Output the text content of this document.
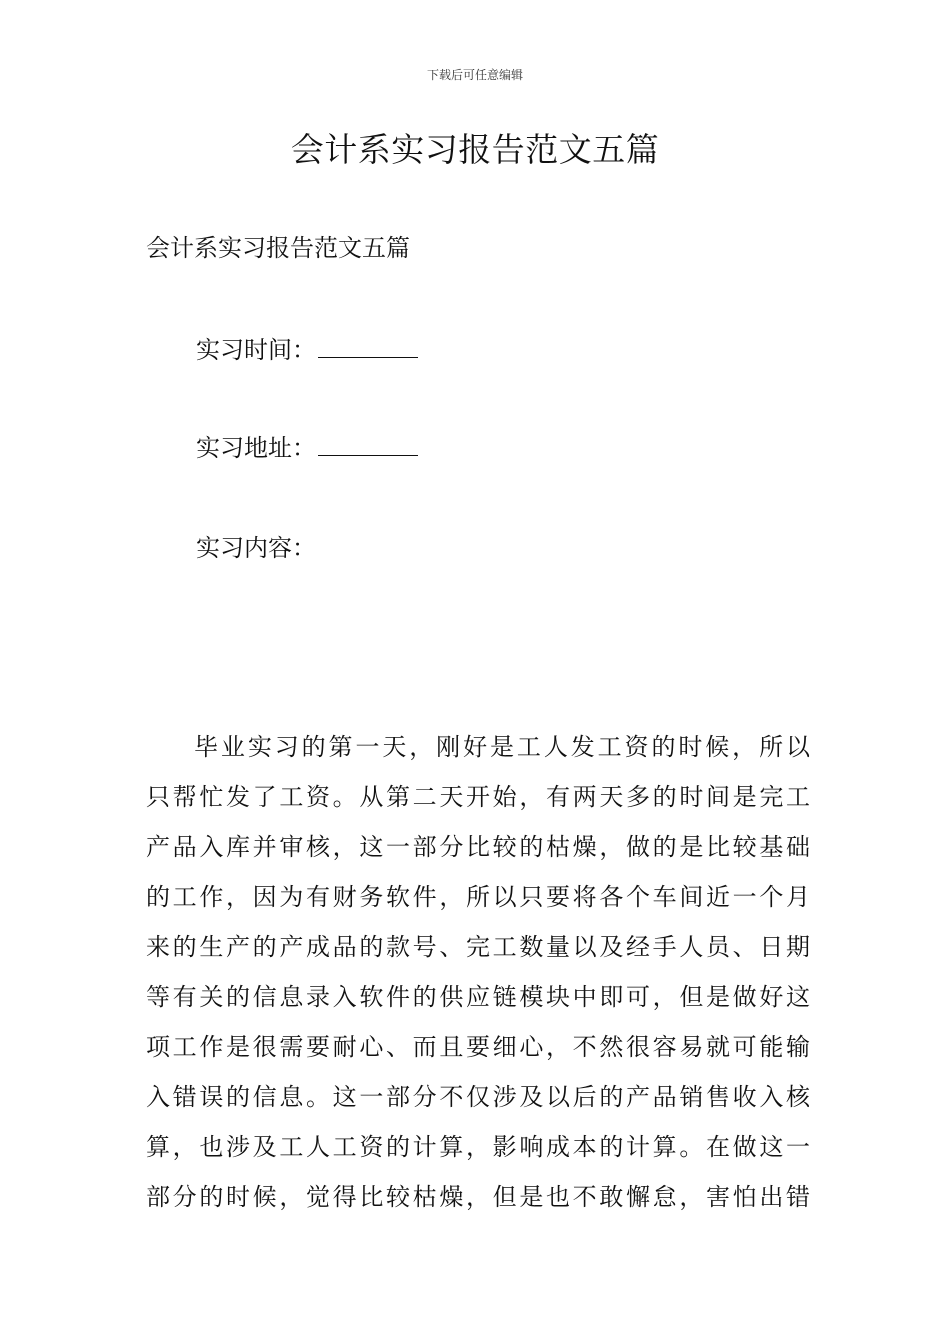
下载后可任意编辑
会计系实习报告范文五篇
会计系实习报告范文五篇
实习时间：
实习地址：
实习内容：
毕业实习的第一天，刚好是工人发工资的时候，所以
只帮忙发了工资。从第二天开始，有两天多的时间是完工
产品入库并审核，这一部分比较的枯燥，做的是比较基础
的工作，因为有财务软件，所以只要将各个车间近一个月
来的生产的产成品的款号、完工数量以及经手人员、日期
等有关的信息录入软件的供应链模块中即可，但是做好这
项工作是很需要耐心、而且要细心，不然很容易就可能输
入错误的信息。这一部分不仅涉及以后的产品销售收入核
算，也涉及工人工资的计算，影响成本的计算。在做这一
部分的时候，觉得比较枯燥，但是也不敢懈怠，害怕出错
